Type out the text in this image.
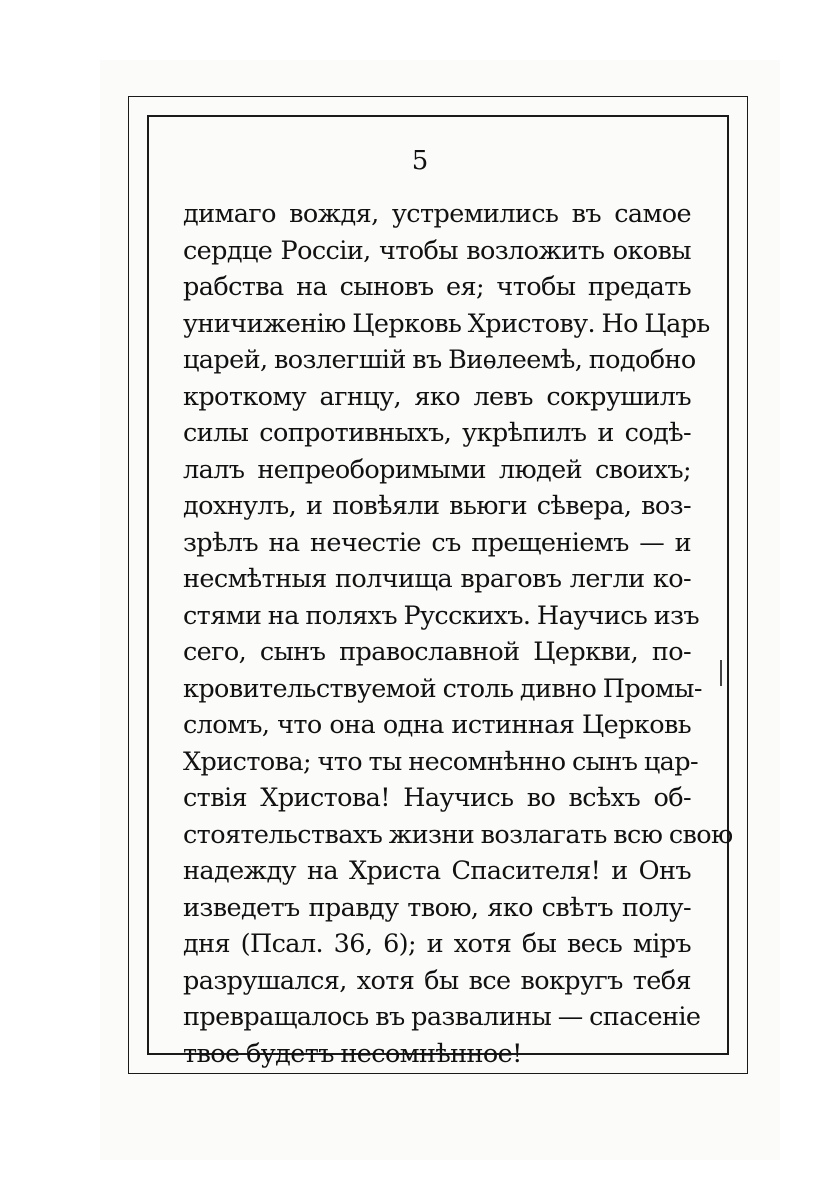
5
димаго вождя, устремились въ самое
сердце Россіи, чтобы возложить оковы
рабства на сыновъ ея; чтобы предать
уничиженію Церковь Христову. Но Царь
царей, возлегшій въ Виѳлеемѣ, подобно
кроткому агнцу, яко левъ сокрушилъ
силы сопротивныхъ, укрѣпилъ и содѣ-
лалъ непреоборимыми людей своихъ;
дохнулъ, и повѣяли вьюги сѣвера, воз-
зрѣлъ на нечестіе съ прещеніемъ — и
несмѣтныя полчища враговъ легли ко-
стями на поляхъ Русскихъ. Научись изъ
сего, сынъ православной Церкви, по-
кровительствуемой столь дивно Промы-
сломъ, что она одна истинная Церковь
Христова; что ты несомнѣнно сынъ цар-
ствія Христова! Научись во всѣхъ об-
стоятельствахъ жизни возлагать всю свою
надежду на Христа Спасителя! и Онъ
изведетъ правду твою, яко свѣтъ полу-
дня (Псал. 36, 6); и хотя бы весь міръ
разрушался, хотя бы все вокругъ тебя
превращалось въ развалины — спасеніе
твое будетъ несомнѣнное!
